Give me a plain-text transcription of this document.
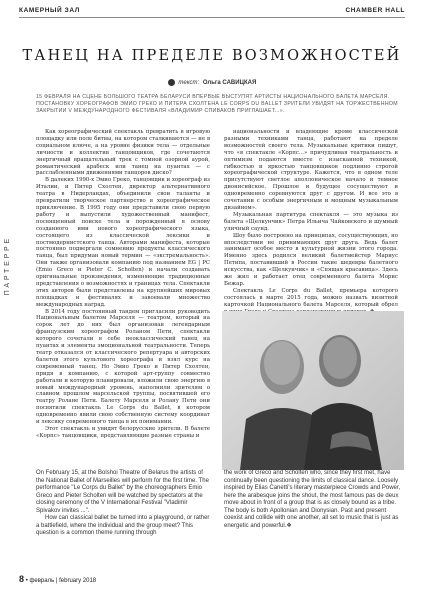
КАМЕРНЫЙ ЗАЛ	CHAMBER HALL
ПАРТЕРРЕ
ТАНЕЦ НА ПРЕДЕЛЕ ВОЗМОЖНОСТЕЙ
текст: Ольга САВИЦКАЯ
15 ФЕВРАЛЯ НА СЦЕНЕ БОЛЬШОГО ТЕАТРА БЕЛАРУСИ ВПЕРВЫЕ ВЫСТУПЯТ АРТИСТЫ НАЦИОНАЛЬНОГО БАЛЕТА МАРСЕЛЯ. ПОСТАНОВКУ ХОРЕОГРАФОВ ЭМИО ГРЕКО И ПИТЕРА СХОЛТЕНА LE CORPS DU BALLET ЗРИТЕЛИ УВИДЯТ НА ТОРЖЕСТВЕННОМ ЗАКРЫТИИ V МЕЖДУНАРОДНОГО ФЕСТИВАЛЯ «ВЛАДИМИР СПИВАКОВ ПРИГЛАШАЕТ...».

Как хореографический спектакль превратить в игровую площадку или поле битвы, на котором сталкиваются — не в социальном ключе, а на уровне физики тела — отдельные личности и коллектив танцовщиков, где сочетаются энергичный вращательный трек с томной озорной аурой, романтический арабеск или танец на пуантах — с расслабленными движениями танцоров диско?

В далеких 1990-х Эмио Греко, танцовщик и хореограф из Италии, и Питер Схолтен, директор альтернативного театра в Нидерландах, объединили свои таланты и превратили творческое партнерство в хореографическое приключение. В 1995 году они представили свою первую работу и выпустили художественный манифест, посвященный поиске тела и порожденный в основу созданного ими нового хореографического языка, состоящего из классической лексики и постмодернистского танца. Авторами манифеста, которые постоянно подвергали сомнению продукты классического танца, был придуман новый термин — «экстремальность». Они также организовали компанию под названием EG | PC (Emio Greco и Pieter C. Scholten) и начали создавать оригинальные произведения, изменяющие традиционные представления о возможностях и границах тела. Спектакли этих авторов были представлены на крупнейших мировых площадках и фестивалях и завоевали множество международных наград.

В 2014 году постоянный тандем пригласили руководить Национальным балетом Марселя — театром, который на сорок лет до них был организован легендарным французским хореографом Роланом Пети, спектакли которого сочетали в себе неоклассический танец на пуантах и элементы эмоциональной театральности. Теперь театр отказался от классического репертуара и авторских балетов этого культового хореографа и взял курс на современный танец. Но Эмио Греко и Питер Схолтен, придя в компанию, с которой арт-группу совместно работали и которую планировали, вложили свою энергию в новый международный уровень, наполнили зрителям о славном прошлом марсельской труппы, посвятившей его театру Ролане Пети. Балету Марселя и Ролану Пети они посвятили спектакль Le Corps du Ballet, в котором одновременно явили свою собственную систему координат и лексику современного танца в их понимании.

Этот спектакль и увидят белорусские зрители. В балете «Корпс» танцовщики, представляющие разные страны и

национальности и владеющие кроме классической разными техниками танца, работают на пределе возможностей своего тела. Музыкальные критики пишут, что «в спектакле «Корпс...» причудливая театральность и оптимизм подаются вместе с изысканной техникой, гибкостью и яркостью танцовщиков подлинно строгой хореографической структуре. Кажется, что в одном теле присутствуют светлое аполлоническое начало и темное дионисийское. Прошлое и будущее сосуществуют и одновременно соревнуются друг с другом. И все это в сочетании с особым энергичным и мощным музыкальным дизайном».

Музыкальная партитура спектакля — это музыка из балета «Щелкунчик» Петра Ильича Чайковского и шумный уличный саунд.

Шоу было построено на принципах, сосуществующих, но впоследствии не принимающих друг друга. Ведь балет занимает особое место в культурной жизни этого города. Именно здесь родился великий балетмейстер Мариус Петипа, поставивший в России такие шедевры балетного искусства, как «Щелкунчик» и «Спящая красавица». Здесь же жил и работает отец современного балета Морис Бежар.

Спектакль Le Corps du Ballet, премьера которого состоялась в марте 2015 года, можно назвать визитной карточкой Национального балета Марселя, который обрел

On February 15, at the Bolshoi Theatre of Belarus the artists of the National Ballet of Marseilles will perform for the first time. The performance "Le Corps du Ballet" by the choreographers Emio Greco and Pieter Scholten will be watched by spectators at the closing ceremony of the V International Festival "Vladimir Spivakov invites ...".

How can classical ballet be turned into a playground, or rather a battlefield, where the individual and the group meet? This question is a common theme running through

the work of Greco and Scholten who, since they first met, have continually been questioning the limits of classical dance. Loosely inspired by Elias Canetti's literary masterpiece Crowds and Power, here the arabesque joins the shout, the most famous pas de deux move about in front of a group that is as closely bound as a tribe. The body is both Apollonian and Dionysian. Past and present coexist and collide with one another, all set to music that is just as energetic and powerful.❖

8 • февраль | february 2018
